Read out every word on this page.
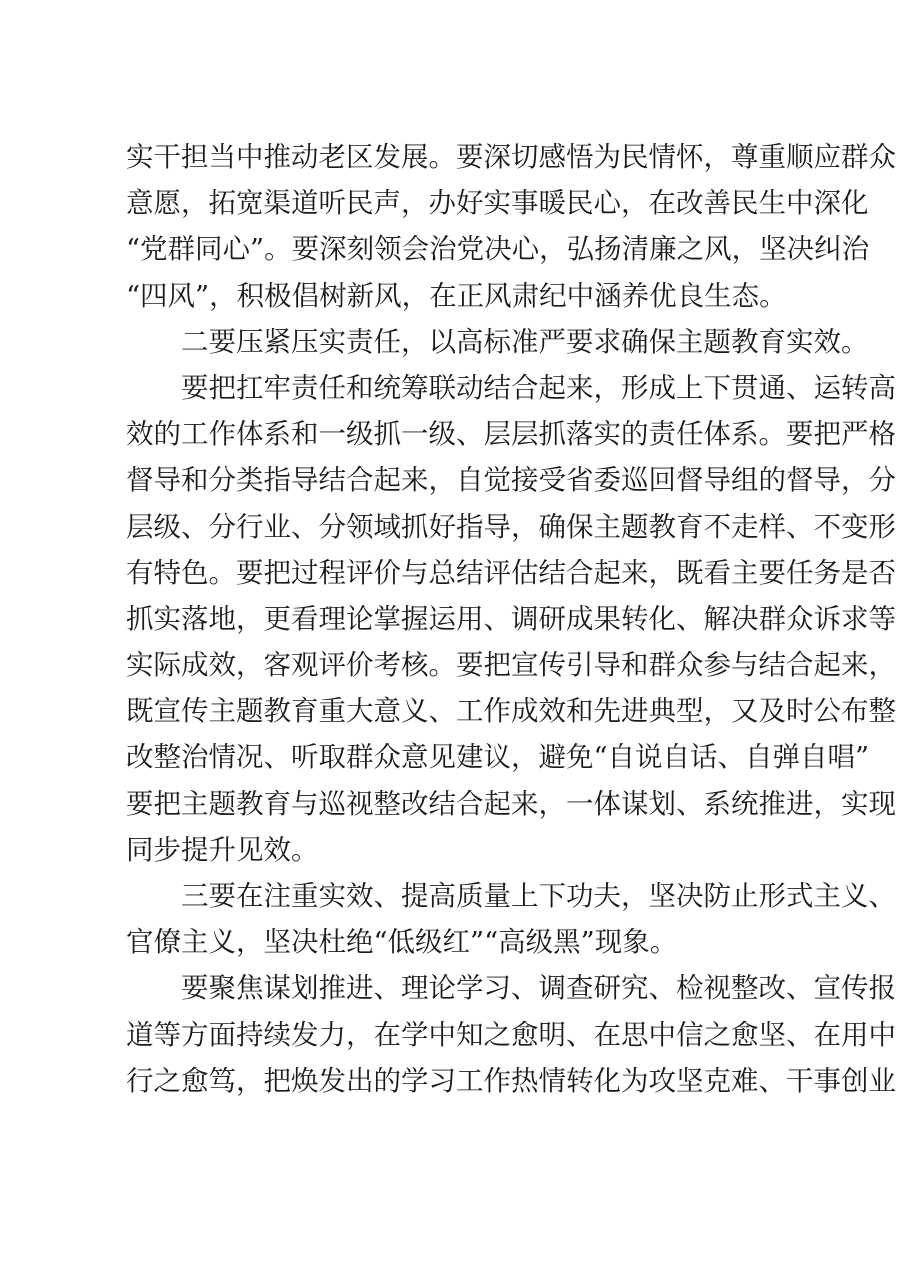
实干担当中推动老区发展。要深切感悟为民情怀，尊重顺应群众
意愿，拓宽渠道听民声，办好实事暖民心，在改善民生中深化
“党群同心”。要深刻领会治党决心，弘扬清廉之风，坚决纠治
“四风”，积极倡树新风，在正风肃纪中涵养优良生态。
二要压紧压实责任，以高标准严要求确保主题教育实效。
要把扛牢责任和统筹联动结合起来，形成上下贯通、运转高
效的工作体系和一级抓一级、层层抓落实的责任体系。要把严格
督导和分类指导结合起来，自觉接受省委巡回督导组的督导，分
层级、分行业、分领域抓好指导，确保主题教育不走样、不变形
有特色。要把过程评价与总结评估结合起来，既看主要任务是否
抓实落地，更看理论掌握运用、调研成果转化、解决群众诉求等
实际成效，客观评价考核。要把宣传引导和群众参与结合起来，
既宣传主题教育重大意义、工作成效和先进典型，又及时公布整
改整治情况、听取群众意见建议，避免“自说自话、自弹自唱”
要把主题教育与巡视整改结合起来，一体谋划、系统推进，实现
同步提升见效。
三要在注重实效、提高质量上下功夫，坚决防止形式主义、
官僚主义，坚决杜绝“低级红”“高级黑”现象。
要聚焦谋划推进、理论学习、调查研究、检视整改、宣传报
道等方面持续发力，在学中知之愈明、在思中信之愈坚、在用中
行之愈笃，把焕发出的学习工作热情转化为攻坚克难、干事创业
